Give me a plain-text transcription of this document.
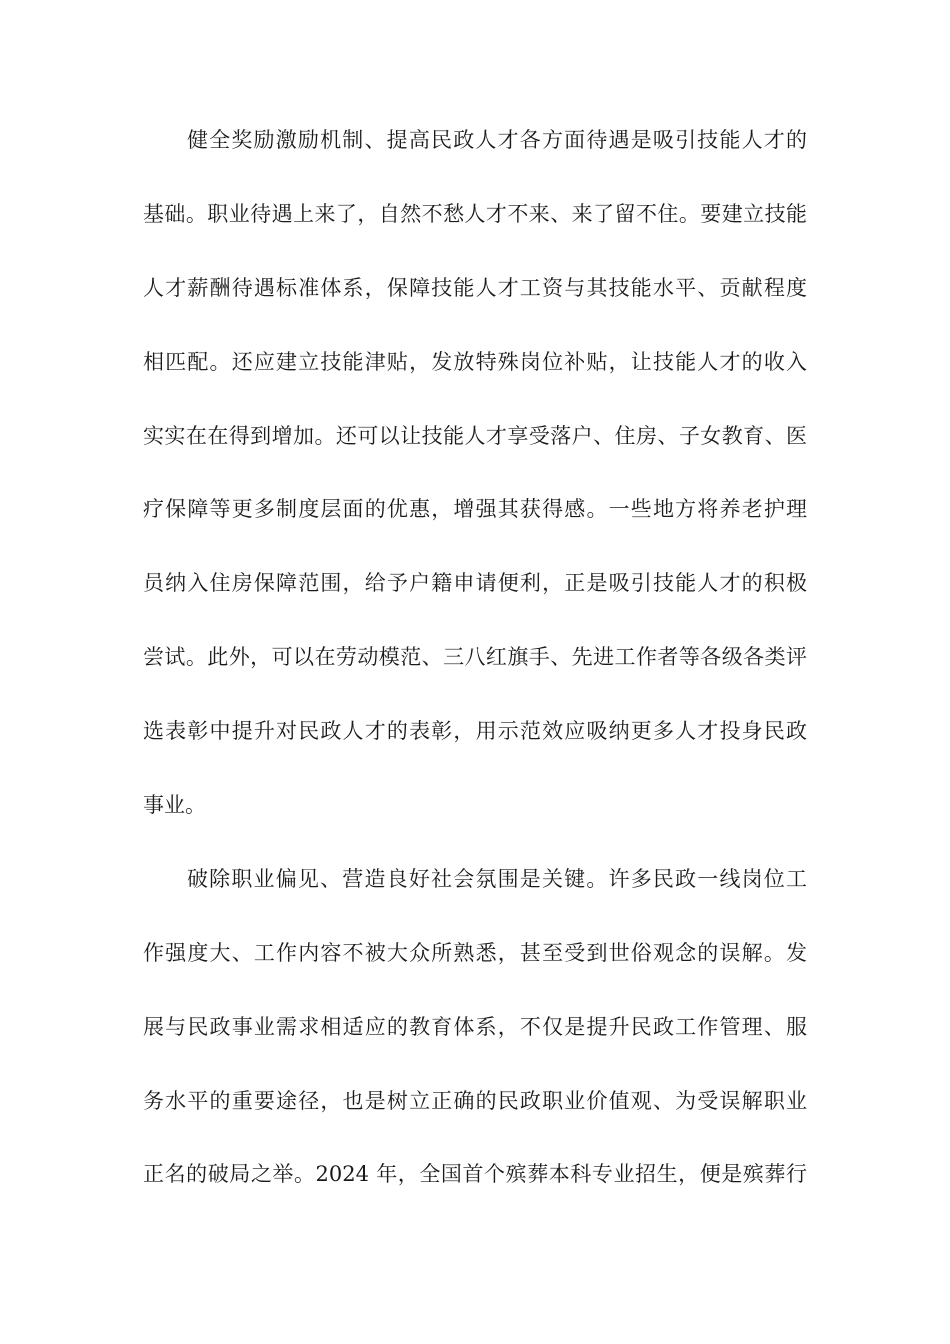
健全奖励激励机制、提高民政人才各方面待遇是吸引技能人才的
基础。职业待遇上来了，自然不愁人才不来、来了留不住。要建立技能
人才薪酬待遇标准体系，保障技能人才工资与其技能水平、贡献程度
相匹配。还应建立技能津贴，发放特殊岗位补贴，让技能人才的收入
实实在在得到增加。还可以让技能人才享受落户、住房、子女教育、医
疗保障等更多制度层面的优惠，增强其获得感。一些地方将养老护理
员纳入住房保障范围，给予户籍申请便利，正是吸引技能人才的积极
尝试。此外，可以在劳动模范、三八红旗手、先进工作者等各级各类评
选表彰中提升对民政人才的表彰，用示范效应吸纳更多人才投身民政
事业。
破除职业偏见、营造良好社会氛围是关键。许多民政一线岗位工
作强度大、工作内容不被大众所熟悉，甚至受到世俗观念的误解。发
展与民政事业需求相适应的教育体系，不仅是提升民政工作管理、服
务水平的重要途径，也是树立正确的民政职业价值观、为受误解职业
正名的破局之举。2024 年，全国首个殡葬本科专业招生，便是殡葬行
